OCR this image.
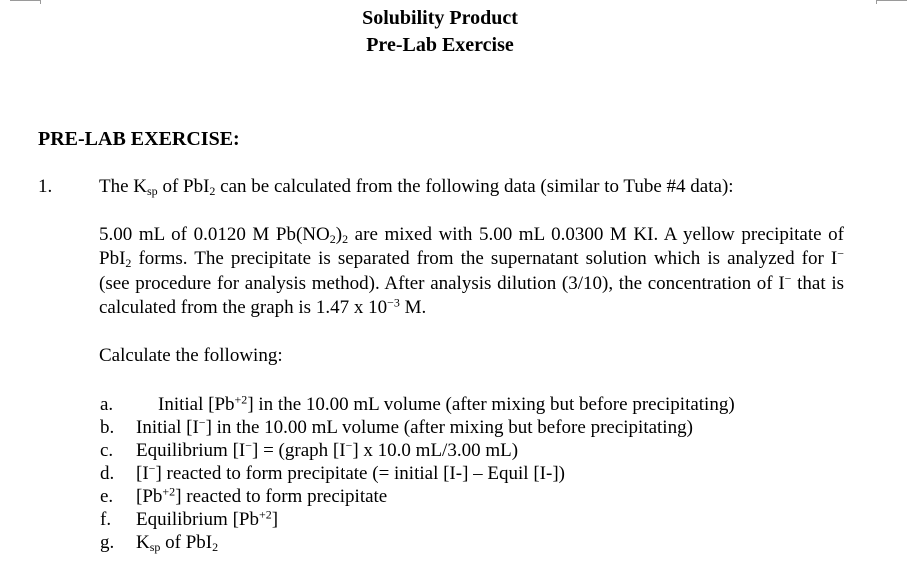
Solubility Product
Pre-Lab Exercise
PRE-LAB EXERCISE:
1. The $K_{sp}$ of PbI$_2$ can be calculated from the following data (similar to Tube #4 data):
5.00 mL of 0.0120 M $Pb(NO_2)_2$ are mixed with 5.00 mL 0.0300 M KI. A yellow precipitate of PbI$_2$ forms. The precipitate is separated from the supernatant solution which is analyzed for I− (see procedure for analysis method). After analysis dilution (3/10), the concentration of I− that is calculated from the graph is 1.47 x $10^{-3}$ M.
Calculate the following:
a. Initial $[Pb^{+2}]$ in the 10.00 mL volume (after mixing but before precipitating)
b. Initial [I−] in the 10.00 mL volume (after mixing but before precipitating)
c. Equilibrium [I−] = (graph [I−] x 10.0 mL/3.00 mL)
d. [I−] reacted to form precipitate (= initial [I-] – Equil [I-])
e. $[Pb^{+2}]$ reacted to form precipitate
f. Equilibrium $[Pb^{+2}]$
g. $K_{sp}$ of PbI$_2$
